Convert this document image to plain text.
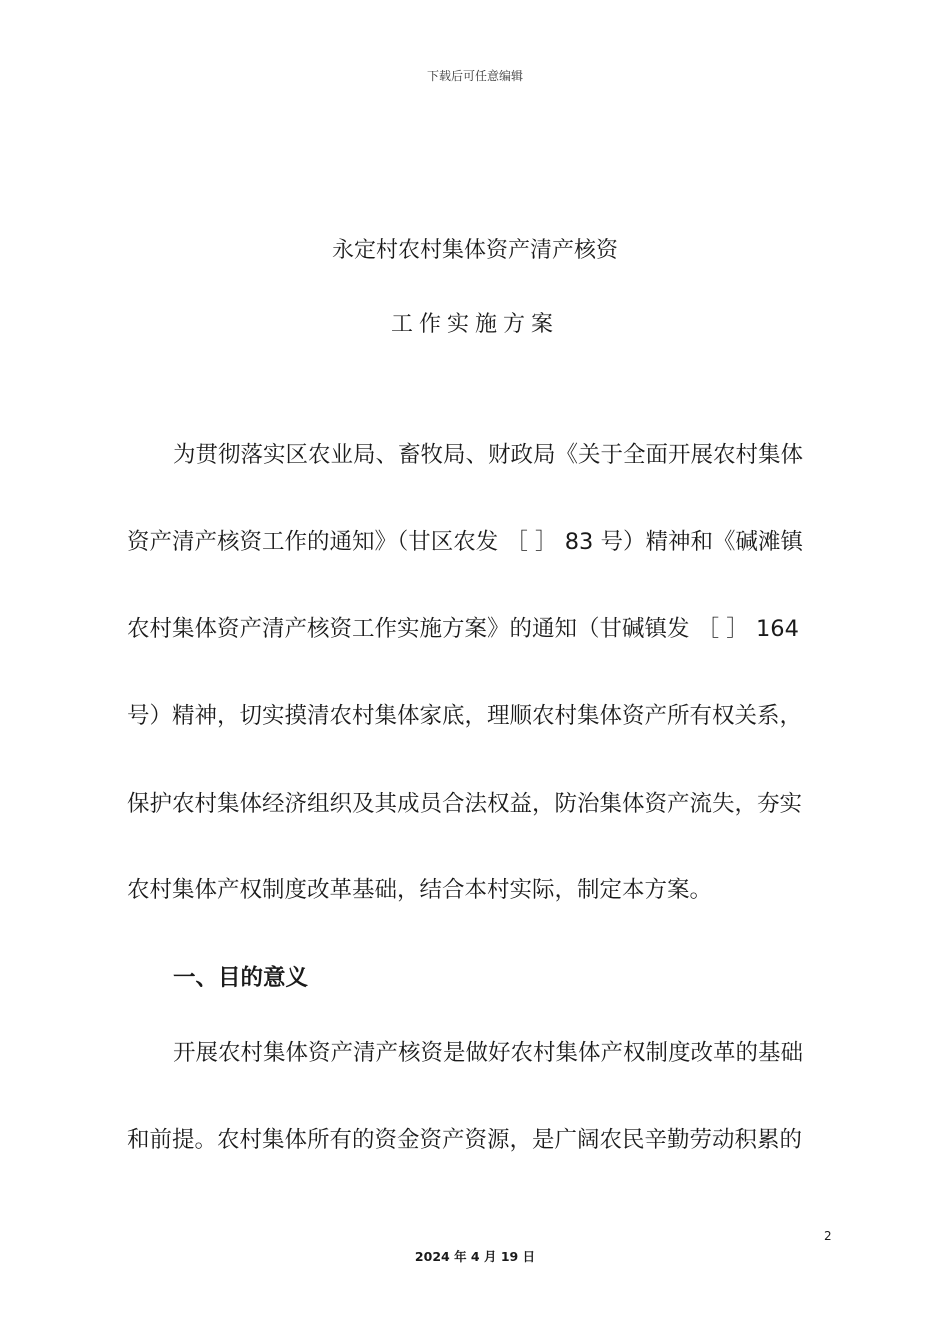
下载后可任意编辑
永定村农村集体资产清产核资
工作实施方案
为贯彻落实区农业局、畜牧局、财政局《关于全面开展农村集体
资产清产核资工作的通知》（甘区农发 ［ ］ 83 号）精神和《碱滩镇
农村集体资产清产核资工作实施方案》的通知（甘碱镇发 ［ ］ 164
号）精神，切实摸清农村集体家底，理顺农村集体资产所有权关系，
保护农村集体经济组织及其成员合法权益，防治集体资产流失，夯实
农村集体产权制度改革基础，结合本村实际，制定本方案。
一、目的意义
开展农村集体资产清产核资是做好农村集体产权制度改革的基础
和前提。农村集体所有的资金资产资源，是广阔农民辛勤劳动积累的
2
2024 年 4 月 19 日
